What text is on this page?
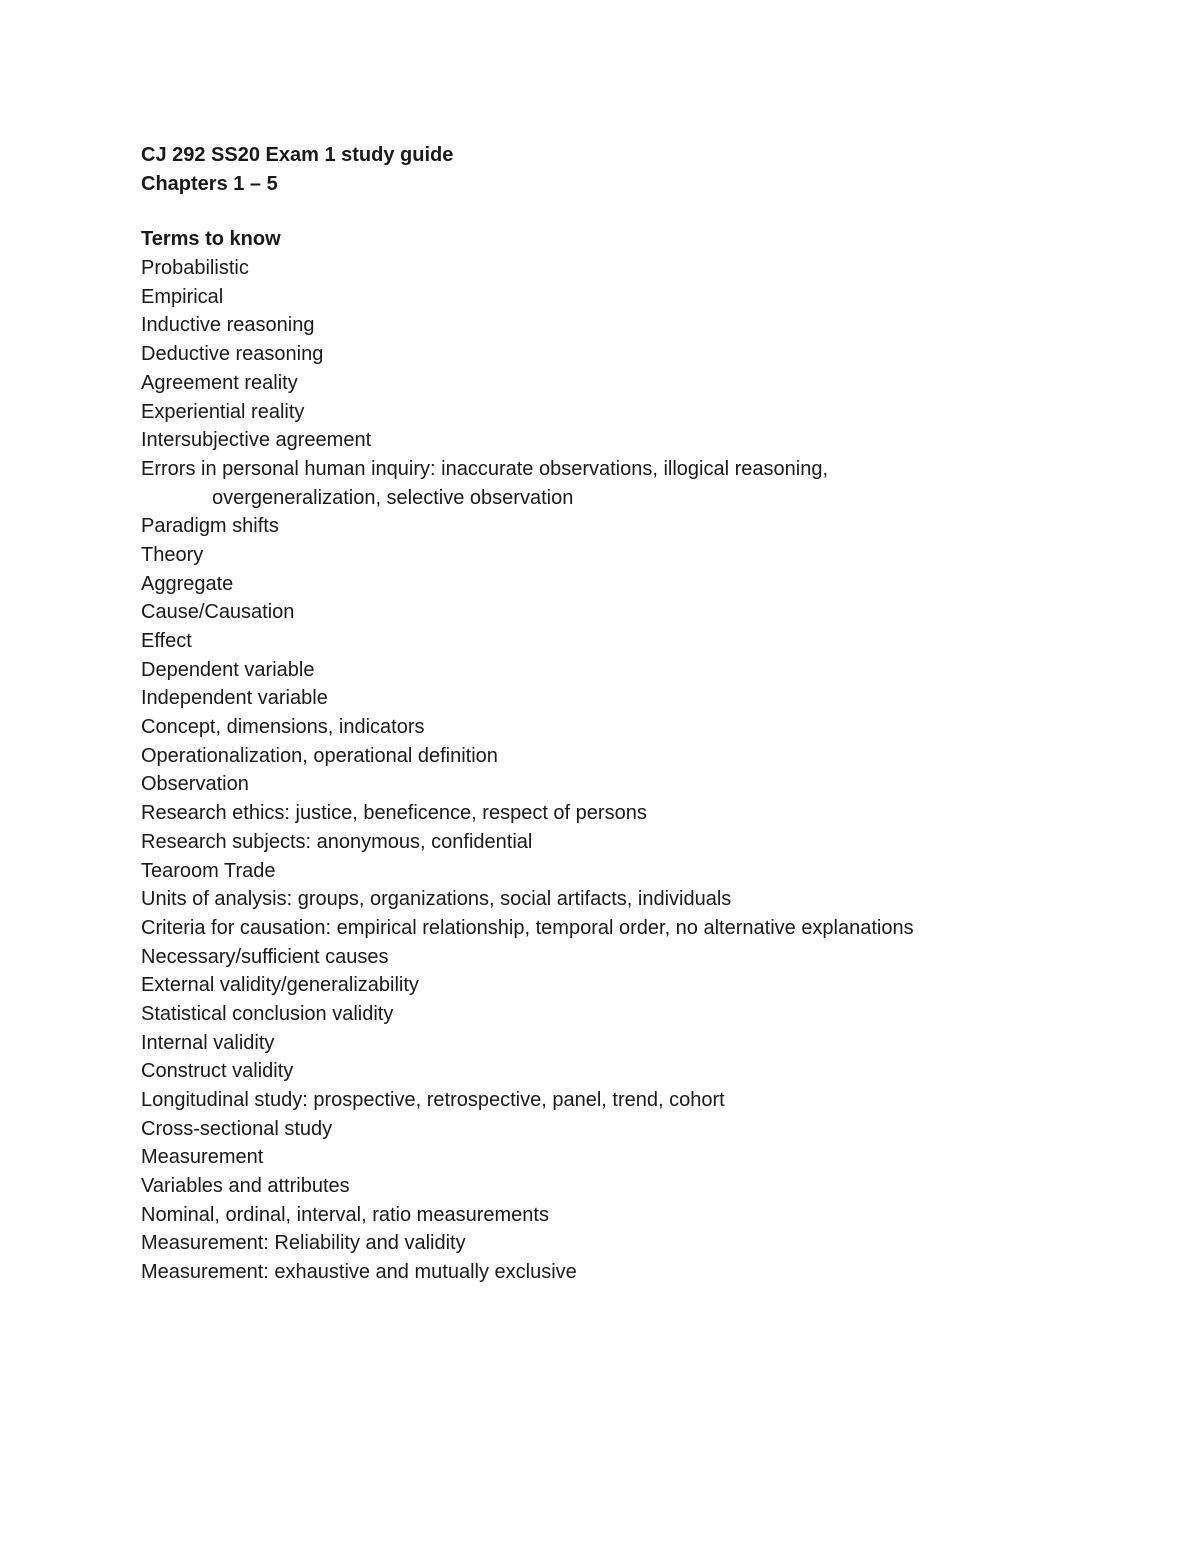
CJ 292 SS20 Exam 1 study guide
Chapters 1 – 5
Terms to know
Probabilistic
Empirical
Inductive reasoning
Deductive reasoning
Agreement reality
Experiential reality
Intersubjective agreement
Errors in personal human inquiry: inaccurate observations, illogical reasoning,
overgeneralization, selective observation
Paradigm shifts
Theory
Aggregate
Cause/Causation
Effect
Dependent variable
Independent variable
Concept, dimensions, indicators
Operationalization, operational definition
Observation
Research ethics: justice, beneficence, respect of persons
Research subjects: anonymous, confidential
Tearoom Trade
Units of analysis: groups, organizations, social artifacts, individuals
Criteria for causation: empirical relationship, temporal order, no alternative explanations
Necessary/sufficient causes
External validity/generalizability
Statistical conclusion validity
Internal validity
Construct validity
Longitudinal study: prospective, retrospective, panel, trend, cohort
Cross-sectional study
Measurement
Variables and attributes
Nominal, ordinal, interval, ratio measurements
Measurement: Reliability and validity
Measurement: exhaustive and mutually exclusive
